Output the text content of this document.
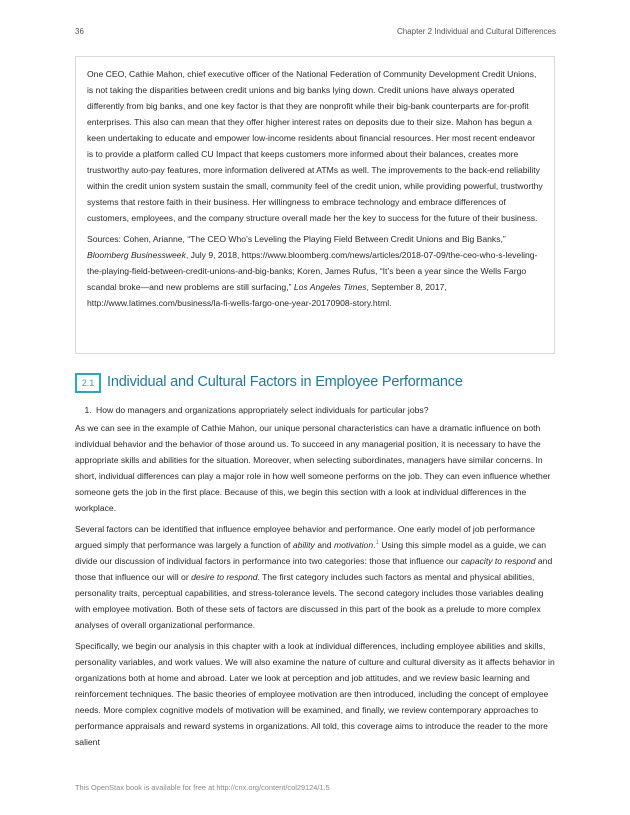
36	Chapter 2 Individual and Cultural Differences

One CEO, Cathie Mahon, chief executive officer of the National Federation of Community Development Credit Unions, is not taking the disparities between credit unions and big banks lying down. Credit unions have always operated differently from big banks, and one key factor is that they are nonprofit while their big-bank counterparts are for-profit enterprises. This also can mean that they offer higher interest rates on deposits due to their size. Mahon has begun a keen undertaking to educate and empower low-income residents about financial resources. Her most recent endeavor is to provide a platform called CU Impact that keeps customers more informed about their balances, creates more trustworthy auto-pay features, more information delivered at ATMs as well. The improvements to the back-end reliability within the credit union system sustain the small, community feel of the credit union, while providing powerful, trustworthy systems that restore faith in their business. Her willingness to embrace technology and embrace differences of customers, employees, and the company structure overall made her the key to success for the future of their business.

Sources: Cohen, Arianne, “The CEO Who’s Leveling the Playing Field Between Credit Unions and Big Banks,” Bloomberg Businessweek, July 9, 2018, https://www.bloomberg.com/news/articles/2018-07-09/the-ceo-who-s-leveling-the-playing-field-between-credit-unions-and-big-banks; Koren, James Rufus, “It’s been a year since the Wells Fargo scandal broke—and new problems are still surfacing,” Los Angeles Times, September 8, 2017, http://www.latimes.com/business/la-fi-wells-fargo-one-year-20170908-story.html.

2.1 Individual and Cultural Factors in Employee Performance
1. How do managers and organizations appropriately select individuals for particular jobs?

As we can see in the example of Cathie Mahon, our unique personal characteristics can have a dramatic influence on both individual behavior and the behavior of those around us. To succeed in any managerial position, it is necessary to have the appropriate skills and abilities for the situation. Moreover, when selecting subordinates, managers have similar concerns. In short, individual differences can play a major role in how well someone performs on the job. They can even influence whether someone gets the job in the first place. Because of this, we begin this section with a look at individual differences in the workplace.

Several factors can be identified that influence employee behavior and performance. One early model of job performance argued simply that performance was largely a function of ability and motivation.$^1$ Using this simple model as a guide, we can divide our discussion of individual factors in performance into two categories: those that influence our capacity to respond and those that influence our will or desire to respond. The first category includes such factors as mental and physical abilities, personality traits, perceptual capabilities, and stress-tolerance levels. The second category includes those variables dealing with employee motivation. Both of these sets of factors are discussed in this part of the book as a prelude to more complex analyses of overall organizational performance.

Specifically, we begin our analysis in this chapter with a look at individual differences, including employee abilities and skills, personality variables, and work values. We will also examine the nature of culture and cultural diversity as it affects behavior in organizations both at home and abroad. Later we look at perception and job attitudes, and we review basic learning and reinforcement techniques. The basic theories of employee motivation are then introduced, including the concept of employee needs. More complex cognitive models of motivation will be examined, and finally, we review contemporary approaches to performance appraisals and reward systems in organizations. All told, this coverage aims to introduce the reader to the more salient

This OpenStax book is available for free at http://cnx.org/content/col29124/1.5
